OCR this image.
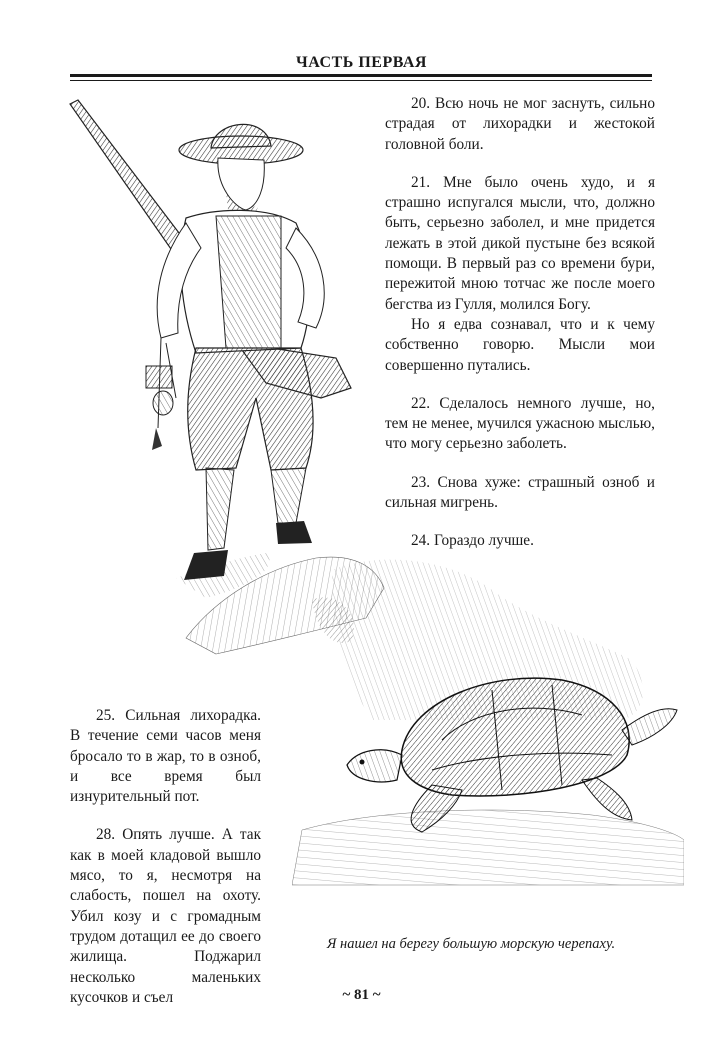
ЧАСТЬ ПЕРВАЯ

20. Всю ночь не мог заснуть, сильно страдая от лихорадки и жестокой головной боли.

21. Мне было очень худо, и я страшно испугался мысли, что, должно быть, серьезно заболел, и мне придется лежать в этой дикой пустыне без всякой помощи. В первый раз со времени бури, пережитой мною тотчас же после моего бегства из Гулля, молился Богу.

Но я едва сознавал, что и к чему собственно говорю. Мысли мои совершенно путались.

22. Сделалось немного лучше, но, тем не менее, мучился ужасною мыслью, что могу серьезно заболеть.

23. Снова хуже: страшный озноб и сильная мигрень.

24. Гораздо лучше.

25. Сильная лихорадка. В течение семи часов меня бросало то в жар, то в озноб, и все время был изнурительный пот.

28. Опять лучше. А так как в моей кладовой вышло мясо, то я, несмотря на слабость, пошел на охоту. Убил козу и с громадным трудом дотащил ее до своего жилища. Поджарил несколько маленьких кусочков и съел

Я нашел на берегу большую морскую черепаху.
~ 81 ~
